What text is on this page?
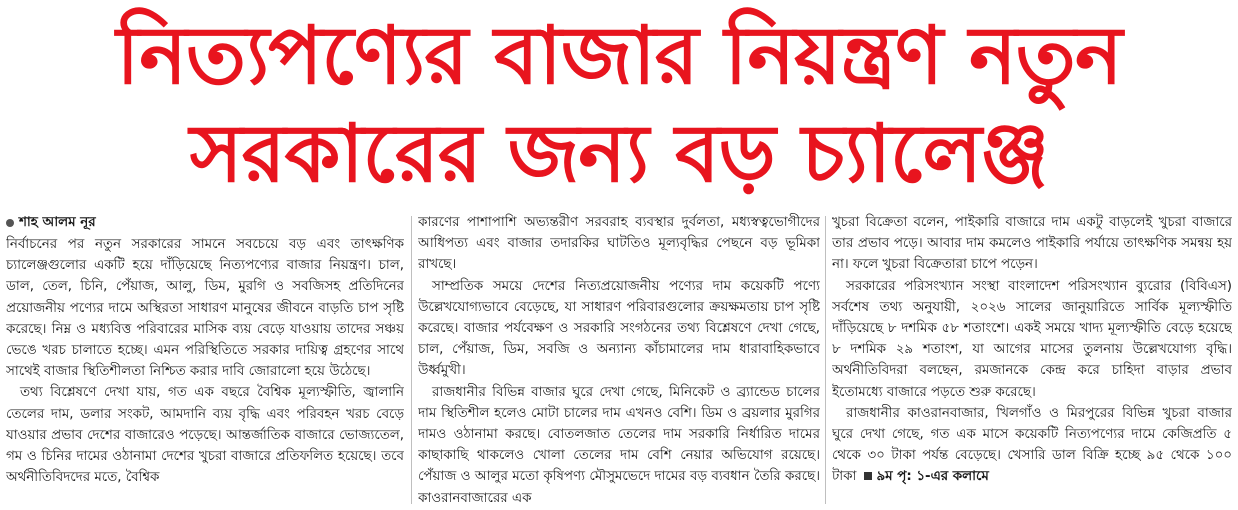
নিত্যপণ্যের বাজার নিয়ন্ত্রণ নতুন
সরকারের জন্য বড় চ্যালেঞ্জ
শাহ আলম নূর

নির্বাচনের পর নতুন সরকারের সামনে সবচেয়ে বড় এবং তাৎক্ষণিক চ্যালেঞ্জগুলোর একটি হয়ে দাঁড়িয়েছে নিত্যপণ্যের বাজার নিয়ন্ত্রণ। চাল, ডাল, তেল, চিনি, পেঁয়াজ, আলু, ডিম, মুরগি ও সবজিসহ প্রতিদিনের প্রয়োজনীয় পণ্যের দামে অস্থিরতা সাধারণ মানুষের জীবনে বাড়তি চাপ সৃষ্টি করেছে। নিম্ন ও মধ্যবিত্ত পরিবারের মাসিক ব্যয় বেড়ে যাওয়ায় তাদের সঞ্চয় ভেঙে খরচ চালাতে হচ্ছে। এমন পরিস্থিতিতে সরকার দায়িত্ব গ্রহণের সাথে সাথেই বাজার স্থিতিশীলতা নিশ্চিত করার দাবি জোরালো হয়ে উঠেছে।

তথ্য বিশ্লেষণে দেখা যায়, গত এক বছরে বৈশ্বিক মূল্যস্ফীতি, জ্বালানি তেলের দাম, ডলার সংকট, আমদানি ব্যয় বৃদ্ধি এবং পরিবহন খরচ বেড়ে যাওয়ার প্রভাব দেশের বাজারেও পড়েছে। আন্তর্জাতিক বাজারে ভোজ্যতেল, গম ও চিনির দামের ওঠানামা দেশের খুচরা বাজারে প্রতিফলিত হয়েছে। তবে অর্থনীতিবিদদের মতে, বৈশ্বিক

কারণের পাশাপাশি অভ্যন্তরীণ সরবরাহ ব্যবস্থার দুর্বলতা, মধ্যস্বত্বভোগীদের আধিপত্য এবং বাজার তদারকির ঘাটতিও মূল্যবৃদ্ধির পেছনে বড় ভূমিকা রাখছে।

সাম্প্রতিক সময়ে দেশের নিত্যপ্রয়োজনীয় পণ্যের দাম কয়েকটি পণ্যে উল্লেখযোগ্যভাবে বেড়েছে, যা সাধারণ পরিবারগুলোর ক্রয়ক্ষমতায় চাপ সৃষ্টি করেছে। বাজার পর্যবেক্ষণ ও সরকারি সংগঠনের তথ্য বিশ্লেষণে দেখা গেছে, চাল, পেঁয়াজ, ডিম, সবজি ও অন্যান্য কাঁচামালের দাম ধারাবাহিকভাবে উর্ধ্বমুখী।

রাজধানীর বিভিন্ন বাজার ঘুরে দেখা গেছে, মিনিকেট ও ব্র্যান্ডেড চালের দাম স্থিতিশীল হলেও মোটা চালের দাম এখনও বেশি। ডিম ও ব্রয়লার মুরগির দামও ওঠানামা করছে। বোতলজাত তেলের দাম সরকারি নির্ধারিত দামের কাছাকাছি থাকলেও খোলা তেলের দাম বেশি নেয়ার অভিযোগ রয়েছে। পেঁয়াজ ও আলুর মতো কৃষিপণ্য মৌসুমভেদে দামের বড় ব্যবধান তৈরি করছে। কাওরানবাজারের এক

খুচরা বিক্রেতা বলেন, পাইকারি বাজারে দাম একটু বাড়লেই খুচরা বাজারে তার প্রভাব পড়ে। আবার দাম কমলেও পাইকারি পর্যায়ে তাৎক্ষণিক সমন্বয় হয় না। ফলে খুচরা বিক্রেতারা চাপে পড়েন।

সরকারের পরিসংখ্যান সংস্থা বাংলাদেশ পরিসংখ্যান ব্যুরোর (বিবিএস) সর্বশেষ তথ্য অনুযায়ী, ২০২৬ সালের জানুয়ারিতে সার্বিক মূল্যস্ফীতি দাঁড়িয়েছে ৮ দশমিক ৫৮ শতাংশে। একই সময়ে খাদ্য মূল্যস্ফীতি বেড়ে হয়েছে ৮ দশমিক ২৯ শতাংশ, যা আগের মাসের তুলনায় উল্লেখযোগ্য বৃদ্ধি। অর্থনীতিবিদরা বলছেন, রমজানকে কেন্দ্র করে চাহিদা বাড়ার প্রভাব ইতোমধ্যে বাজারে পড়তে শুরু করেছে।

রাজধানীর কাওরানবাজার, খিলগাঁও ও মিরপুরের বিভিন্ন খুচরা বাজার ঘুরে দেখা গেছে, গত এক মাসে কয়েকটি নিত্যপণ্যের দামে কেজিপ্রতি ৫ থেকে ৩০ টাকা পর্যন্ত বেড়েছে। খেসারি ডাল বিক্রি হচ্ছে ৯৫ থেকে ১০০ টাকা ৯ম পৃ: ১-এর কলামে
